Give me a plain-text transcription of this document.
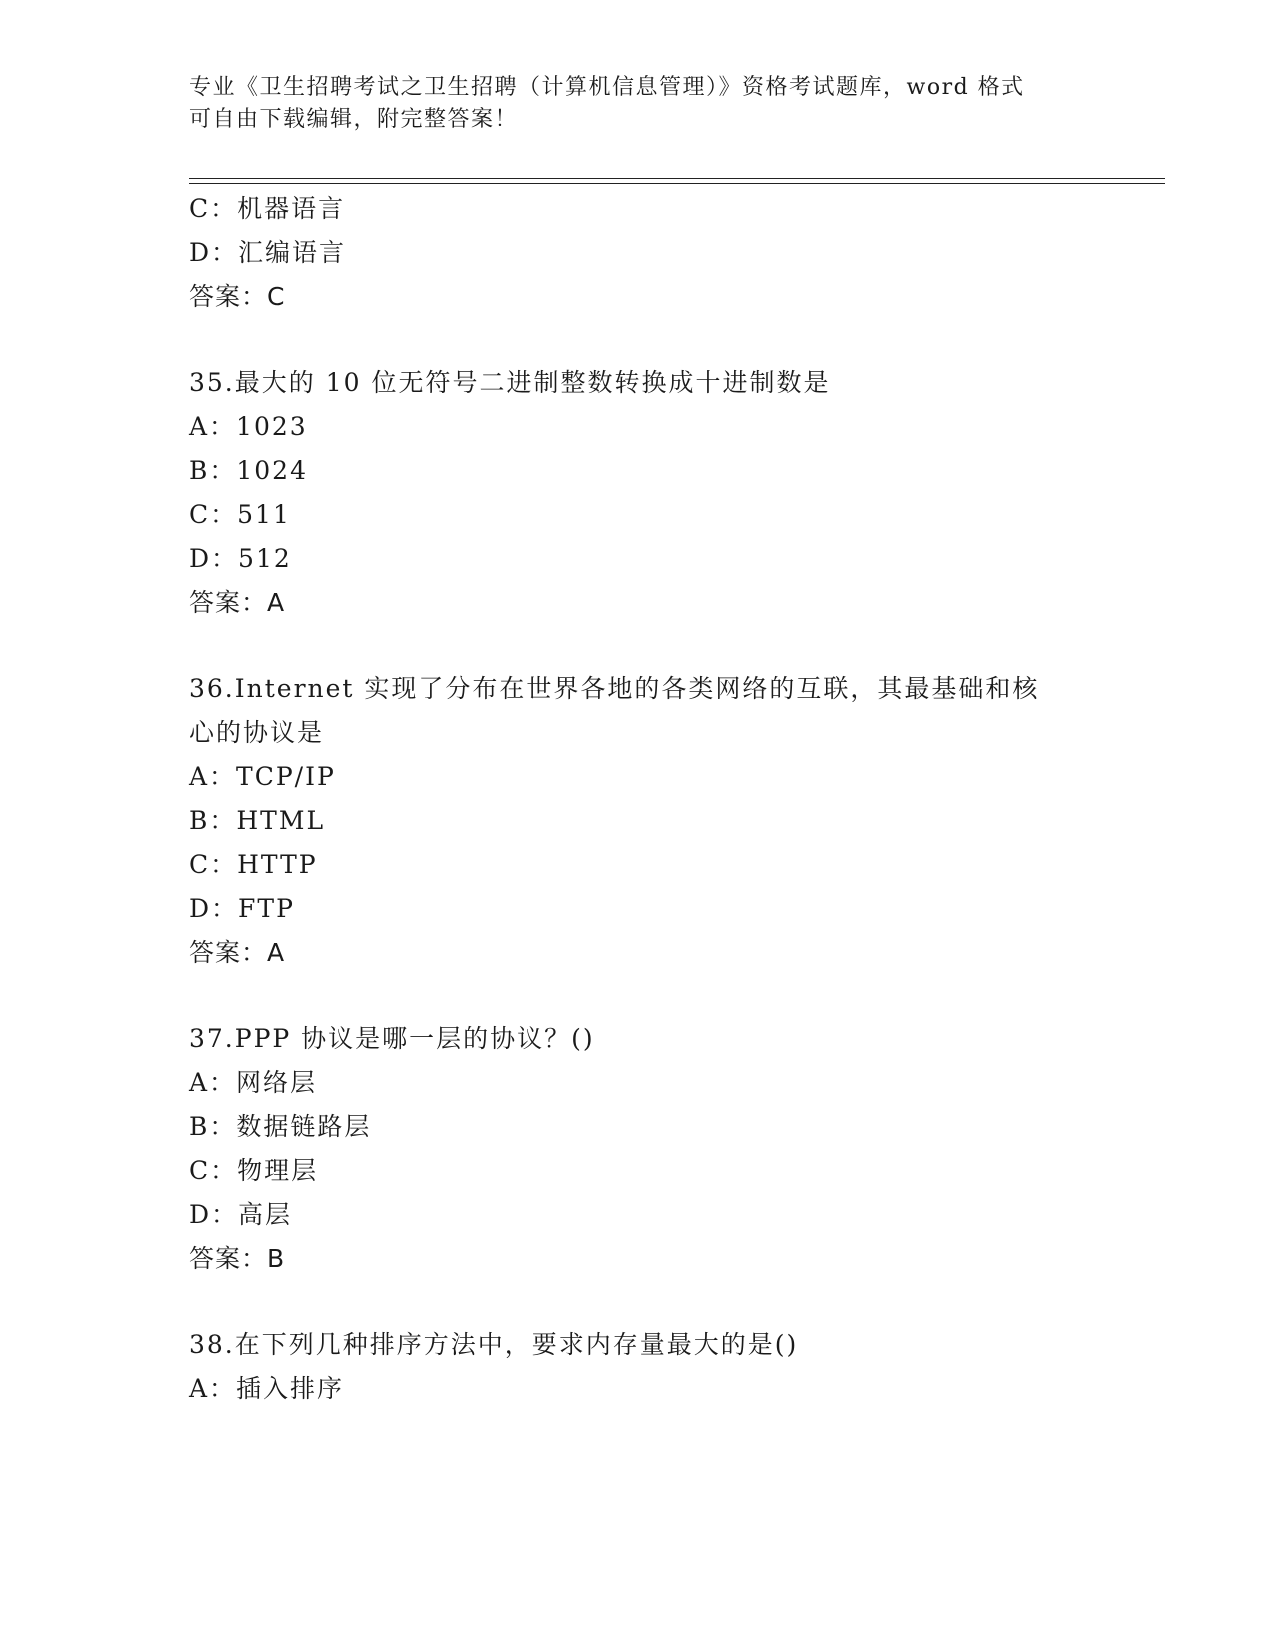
专业《卫生招聘考试之卫生招聘（计算机信息管理）》资格考试题库，word 格式
可自由下载编辑，附完整答案！
C：机器语言
D：汇编语言
答案：C
35.最大的 10 位无符号二进制整数转换成十进制数是
A：1023
B：1024
C：511
D：512
答案：A
36.Internet 实现了分布在世界各地的各类网络的互联，其最基础和核
心的协议是
A：TCP/IP
B：HTML
C：HTTP
D：FTP
答案：A
37.PPP 协议是哪一层的协议？()
A：网络层
B：数据链路层
C：物理层
D：高层
答案：B
38.在下列几种排序方法中，要求内存量最大的是()
A：插入排序
